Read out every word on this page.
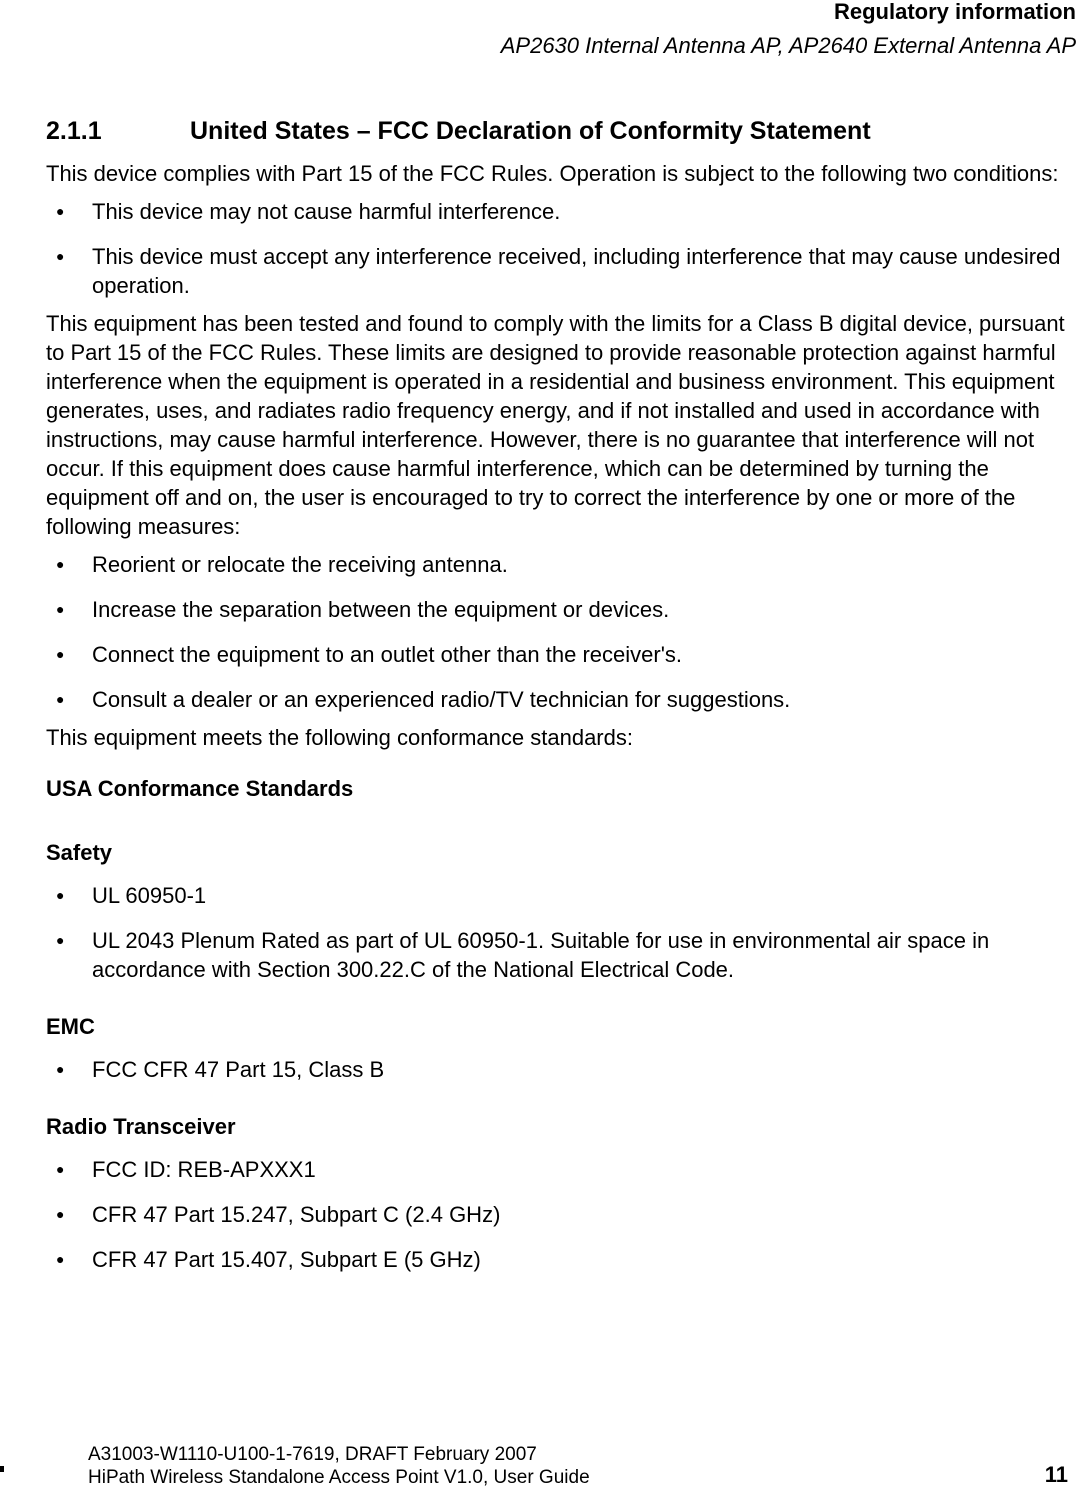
Regulatory information
AP2630 Internal Antenna AP, AP2640 External Antenna AP
2.1.1	United States – FCC Declaration of Conformity Statement

This device complies with Part 15 of the FCC Rules. Operation is subject to the following two conditions:

● This device may not cause harmful interference.
● This device must accept any interference received, including interference that may cause undesired operation.

This equipment has been tested and found to comply with the limits for a Class B digital device, pursuant to Part 15 of the FCC Rules. These limits are designed to provide reasonable protection against harmful interference when the equipment is operated in a residential and business environment. This equipment generates, uses, and radiates radio frequency energy, and if not installed and used in accordance with instructions, may cause harmful interference. However, there is no guarantee that interference will not occur. If this equipment does cause harmful interference, which can be determined by turning the equipment off and on, the user is encouraged to try to correct the interference by one or more of the following measures:

● Reorient or relocate the receiving antenna.
● Increase the separation between the equipment or devices.
● Connect the equipment to an outlet other than the receiver's.
● Consult a dealer or an experienced radio/TV technician for suggestions.

This equipment meets the following conformance standards:

USA Conformance Standards
Safety
● UL 60950-1
● UL 2043 Plenum Rated as part of UL 60950-1. Suitable for use in environmental air space in accordance with Section 300.22.C of the National Electrical Code.
EMC
● FCC CFR 47 Part 15, Class B
Radio Transceiver
● FCC ID: REB-APXXX1
● CFR 47 Part 15.247, Subpart C (2.4 GHz)
● CFR 47 Part 15.407, Subpart E (5 GHz)
A31003-W1110-U100-1-7619, DRAFT February 2007
HiPath Wireless Standalone Access Point V1.0, User Guide	11
